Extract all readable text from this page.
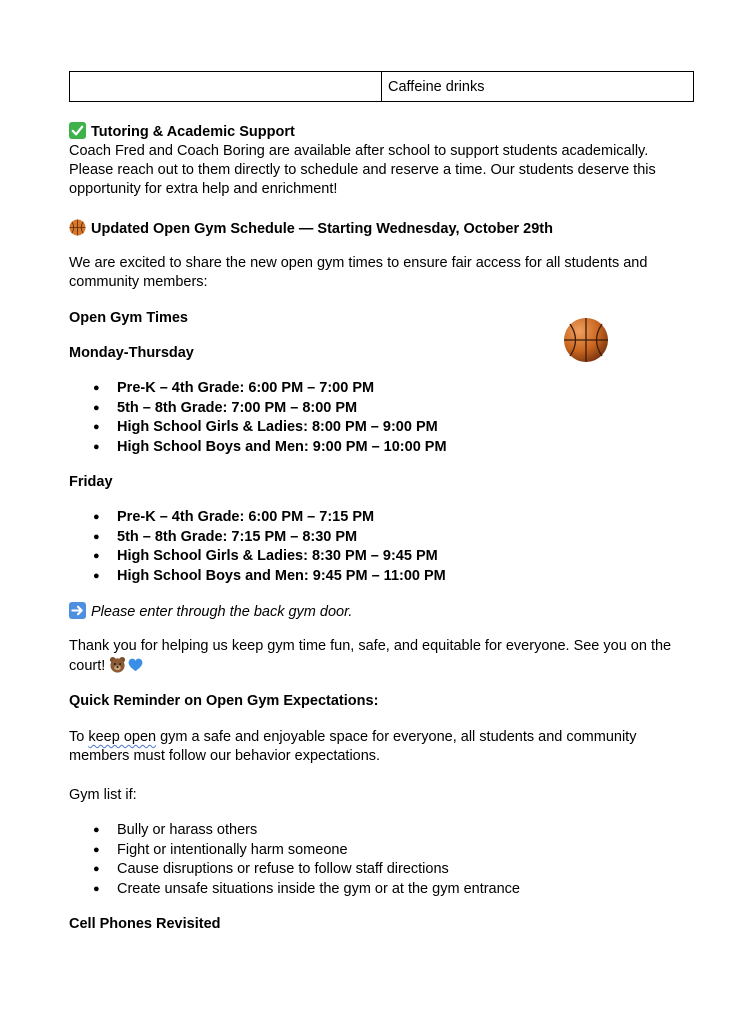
	Caffeine drinks
Tutoring & Academic Support
Coach Fred and Coach Boring are available after school to support students academically.
Please reach out to them directly to schedule and reserve a time. Our students deserve this
opportunity for extra help and enrichment!
Updated Open Gym Schedule — Starting Wednesday, October 29th
We are excited to share the new open gym times to ensure fair access for all students and
community members:
Open Gym Times
Monday-Thursday
● Pre-K – 4th Grade: 6:00 PM – 7:00 PM
● 5th – 8th Grade: 7:00 PM – 8:00 PM
● High School Girls & Ladies: 8:00 PM – 9:00 PM
● High School Boys and Men: 9:00 PM – 10:00 PM
Friday
● Pre-K – 4th Grade: 6:00 PM – 7:15 PM
● 5th – 8th Grade: 7:15 PM – 8:30 PM
● High School Girls & Ladies: 8:30 PM – 9:45 PM
● High School Boys and Men: 9:45 PM – 11:00 PM
Please enter through the back gym door.
Thank you for helping us keep gym time fun, safe, and equitable for everyone. See you on the
court!
Quick Reminder on Open Gym Expectations:
To keep open gym a safe and enjoyable space for everyone, all students and community
members must follow our behavior expectations.
Gym list if:
● Bully or harass others
● Fight or intentionally harm someone
● Cause disruptions or refuse to follow staff directions
● Create unsafe situations inside the gym or at the gym entrance
Cell Phones Revisited
